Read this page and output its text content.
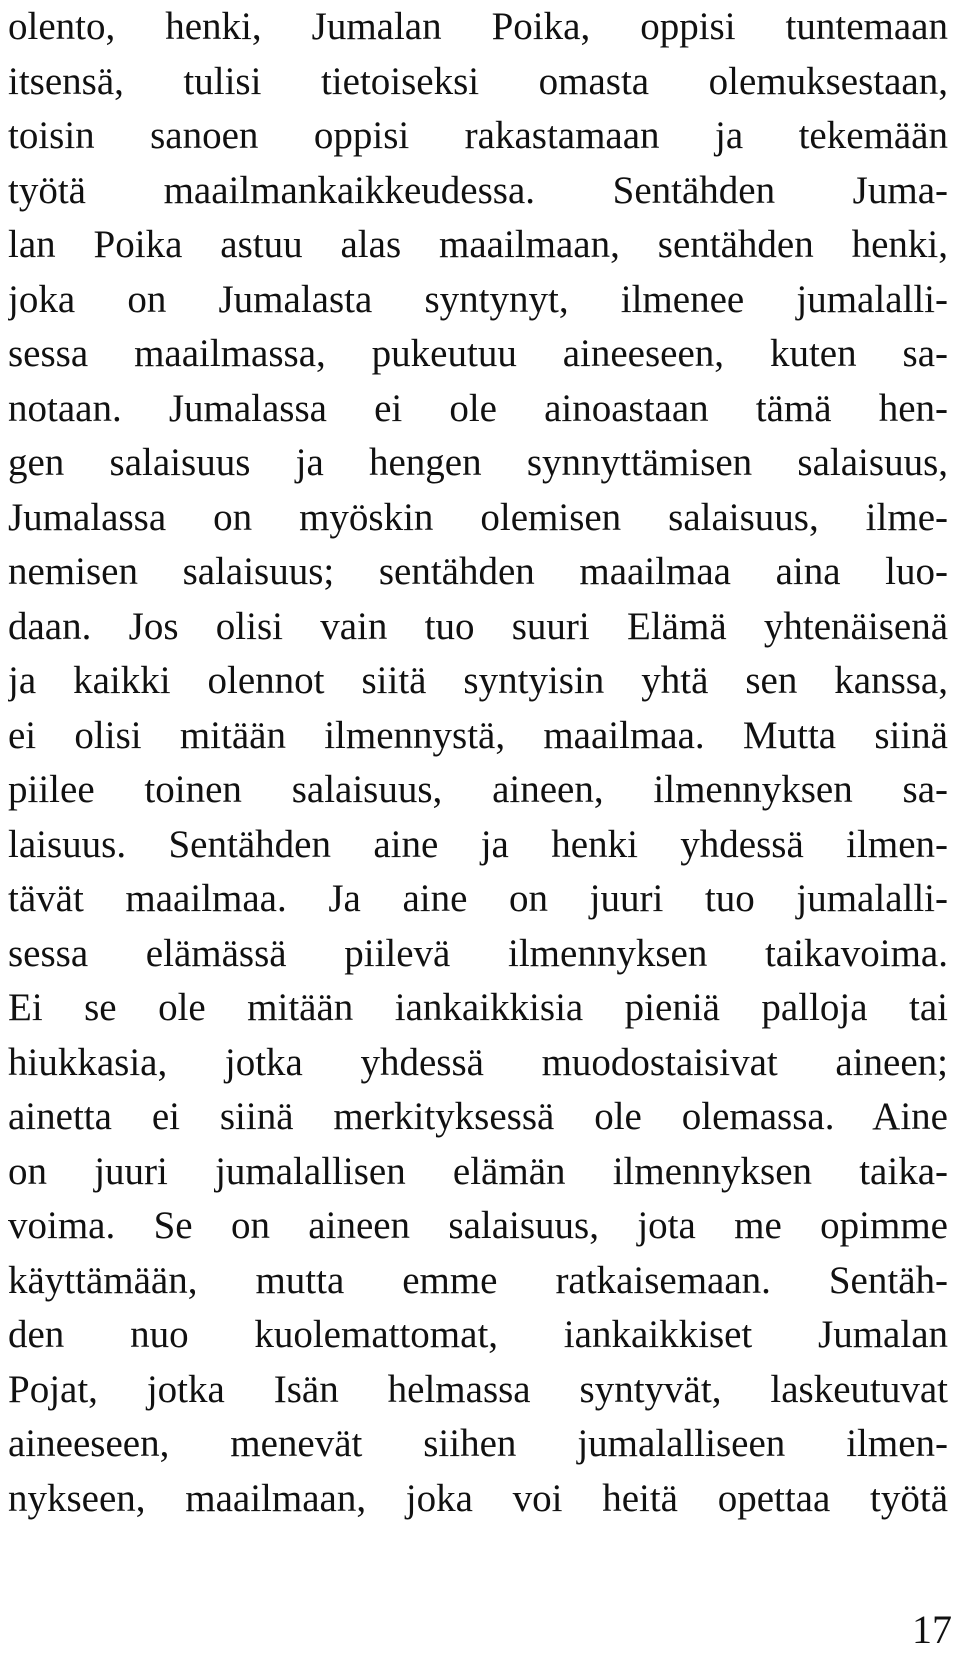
olento, henki, Jumalan Poika, oppisi tuntemaan
itsensä, tulisi tietoiseksi omasta olemuksestaan,
toisin sanoen oppisi rakastamaan ja tekemään
työtä maailmankaikkeudessa. Sentähden Juma-
lan Poika astuu alas maailmaan, sentähden henki,
joka on Jumalasta syntynyt, ilmenee jumalalli-
sessa maailmassa, pukeutuu aineeseen, kuten sa-
notaan. Jumalassa ei ole ainoastaan tämä hen-
gen salaisuus ja hengen synnyttämisen salaisuus,
Jumalassa on myöskin olemisen salaisuus, ilme-
nemisen salaisuus; sentähden maailmaa aina luo-
daan. Jos olisi vain tuo suuri Elämä yhtenäisenä
ja kaikki olennot siitä syntyisin yhtä sen kanssa,
ei olisi mitään ilmennystä, maailmaa. Mutta siinä
piilee toinen salaisuus, aineen, ilmennyksen sa-
laisuus. Sentähden aine ja henki yhdessä ilmen-
tävät maailmaa. Ja aine on juuri tuo jumalalli-
sessa elämässä piilevä ilmennyksen taikavoima.
Ei se ole mitään iankaikkisia pieniä palloja tai
hiukkasia, jotka yhdessä muodostaisivat aineen;
ainetta ei siinä merkityksessä ole olemassa. Aine
on juuri jumalallisen elämän ilmennyksen taika-
voima. Se on aineen salaisuus, jota me opimme
käyttämään, mutta emme ratkaisemaan. Sentäh-
den nuo kuolemattomat, iankaikkiset Jumalan
Pojat, jotka Isän helmassa syntyvät, laskeutuvat
aineeseen, menevät siihen jumalalliseen ilmen-
nykseen, maailmaan, joka voi heitä opettaa työtä
17
